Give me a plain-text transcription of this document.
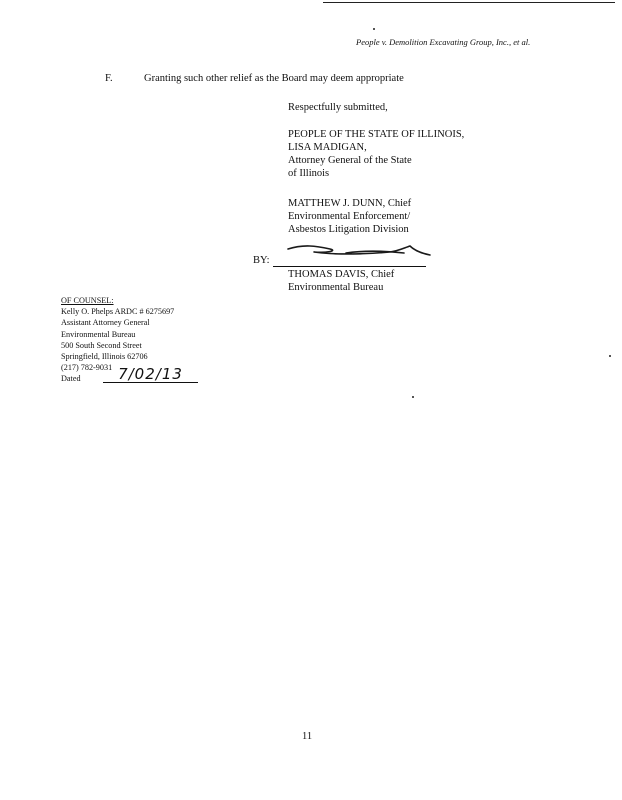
People v. Demolition Excavating Group, Inc., et al.
F.	Granting such other relief as the Board may deem appropriate
Respectfully submitted,
PEOPLE OF THE STATE OF ILLINOIS,
LISA MADIGAN,
Attorney General of the State
of Illinois
MATTHEW J. DUNN, Chief
Environmental Enforcement/
Asbestos Litigation Division
BY:
THOMAS DAVIS, Chief
Environmental Bureau
OF COUNSEL:
Kelly O. Phelps ARDC # 6275697
Assistant Attorney General
Environmental Bureau
500 South Second Street
Springfield, Illinois 62706
(217) 782-9031
Dated	7/02/13
11
